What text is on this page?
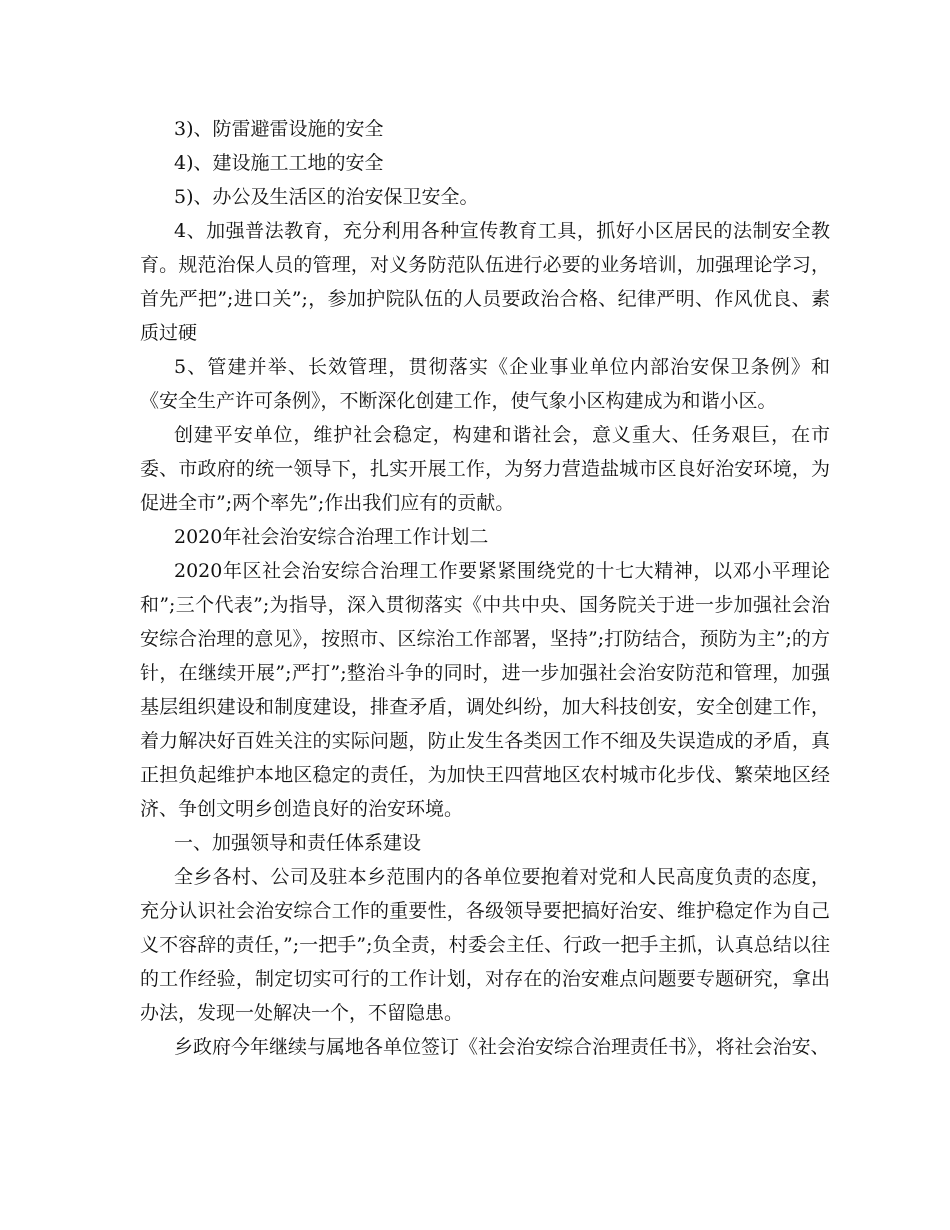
3)、防雷避雷设施的安全

4)、建设施工工地的安全

5)、办公及生活区的治安保卫安全。

4、加强普法教育，充分利用各种宣传教育工具，抓好小区居民的法制安全教育。规范治保人员的管理，对义务防范队伍进行必要的业务培训，加强理论学习，首先严把”;进口关”;，参加护院队伍的人员要政治合格、纪律严明、作风优良、素质过硬

5、管建并举、长效管理，贯彻落实《企业事业单位内部治安保卫条例》和《安全生产许可条例》，不断深化创建工作，使气象小区构建成为和谐小区。

创建平安单位，维护社会稳定，构建和谐社会，意义重大、任务艰巨，在市委、市政府的统一领导下，扎实开展工作，为努力营造盐城市区良好治安环境，为促进全市”;两个率先”;作出我们应有的贡献。

2020年社会治安综合治理工作计划二

2020年区社会治安综合治理工作要紧紧围绕党的十七大精神，以邓小平理论和”;三个代表”;为指导，深入贯彻落实《中共中央、国务院关于进一步加强社会治安综合治理的意见》，按照市、区综治工作部署，坚持”;打防结合，预防为主”;的方针，在继续开展”;严打”;整治斗争的同时，进一步加强社会治安防范和管理，加强基层组织建设和制度建设，排查矛盾，调处纠纷，加大科技创安，安全创建工作，着力解决好百姓关注的实际问题，防止发生各类因工作不细及失误造成的矛盾，真正担负起维护本地区稳定的责任，为加快王四营地区农村城市化步伐、繁荣地区经济、争创文明乡创造良好的治安环境。

一、加强领导和责任体系建设

全乡各村、公司及驻本乡范围内的各单位要抱着对党和人民高度负责的态度，充分认识社会治安综合工作的重要性，各级领导要把搞好治安、维护稳定作为自己义不容辞的责任，”;一把手”;负全责，村委会主任、行政一把手主抓，认真总结以往的工作经验，制定切实可行的工作计划，对存在的治安难点问题要专题研究，拿出办法，发现一处解决一个，不留隐患。

乡政府今年继续与属地各单位签订《社会治安综合治理责任书》，将社会治安、
